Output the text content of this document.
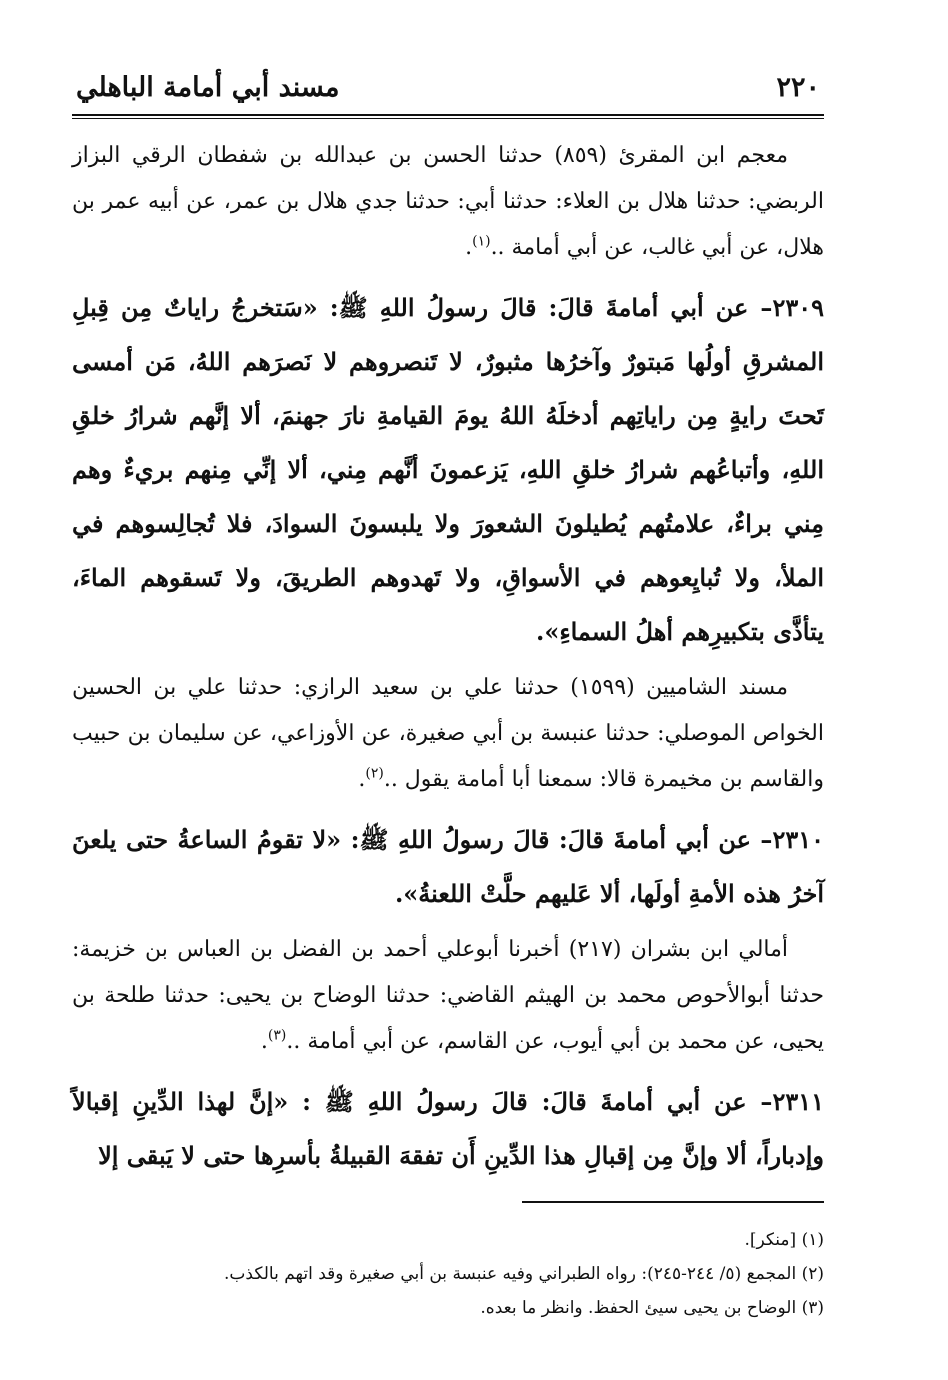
٢٢٠
مسند أبي أمامة الباهلي

معجم ابن المقرئ (٨٥٩) حدثنا الحسن بن عبدالله بن شفطان الرقي البزاز الربضي: حدثنا هلال بن العلاء: حدثنا أبي: حدثنا جدي هلال بن عمر، عن أبيه عمر بن هلال، عن أبي غالب، عن أبي أمامة ..$^{(١)}$.

٢٣٠٩– عن أبي أمامةَ قالَ: قالَ رسولُ اللهِ ﷺ: «سَتخرجُ راياتٌ مِن قِبلِ المشرقِ أولُها مَبتورٌ وآخرُها مثبورٌ، لا تَنصروهم لا نَصرَهم اللهُ، مَن أمسى تَحتَ رايةٍ مِن راياتِهم أدخلَهُ اللهُ يومَ القيامةِ نارَ جهنمَ، ألا إنَّهم شرارُ خلقِ اللهِ، وأتباعُهم شرارُ خلقِ اللهِ، يَزعمونَ أنَّهم مِني، ألا إنِّي مِنهم بريءٌ وهم مِني براءٌ، علامتُهم يُطيلونَ الشعورَ ولا يلبسونَ السوادَ، فلا تُجالِسوهم في الملأ، ولا تُبايِعوهم في الأسواقِ، ولا تَهدوهم الطريقَ، ولا تَسقوهم الماءَ، يتأذَّى بتكبيرِهم أهلُ السماءِ».

مسند الشاميين (١٥٩٩) حدثنا علي بن سعيد الرازي: حدثنا علي بن الحسين الخواص الموصلي: حدثنا عنبسة بن أبي صغيرة، عن الأوزاعي، عن سليمان بن حبيب والقاسم بن مخيمرة قالا: سمعنا أبا أمامة يقول ..$^{(٢)}$.

٢٣١٠– عن أبي أمامةَ قالَ: قالَ رسولُ اللهِ ﷺ: «لا تقومُ الساعةُ حتى يلعنَ آخرُ هذه الأمةِ أولَها، ألا عَليهم حلَّتْ اللعنةُ».

أمالي ابن بشران (٢١٧) أخبرنا أبوعلي أحمد بن الفضل بن العباس بن خزيمة: حدثنا أبوالأحوص محمد بن الهيثم القاضي: حدثنا الوضاح بن يحيى: حدثنا طلحة بن يحيى، عن محمد بن أبي أيوب، عن القاسم، عن أبي أمامة ..$^{(٣)}$.

٢٣١١– عن أبي أمامةَ قالَ: قالَ رسولُ اللهِ ﷺ : «إنَّ لهذا الدِّينِ إقبالاً وإدباراً، ألا وإنَّ مِن إقبالِ هذا الدِّينِ أَن تفقهَ القبيلةُ بأسرِها حتى لا يَبقى إلا

(١) [منكر].

(٢) المجمع (٥/ ٢٤٤-٢٤٥): رواه الطبراني وفيه عنبسة بن أبي صغيرة وقد اتهم بالكذب.

(٣) الوضاح بن يحيى سيئ الحفظ. وانظر ما بعده.
